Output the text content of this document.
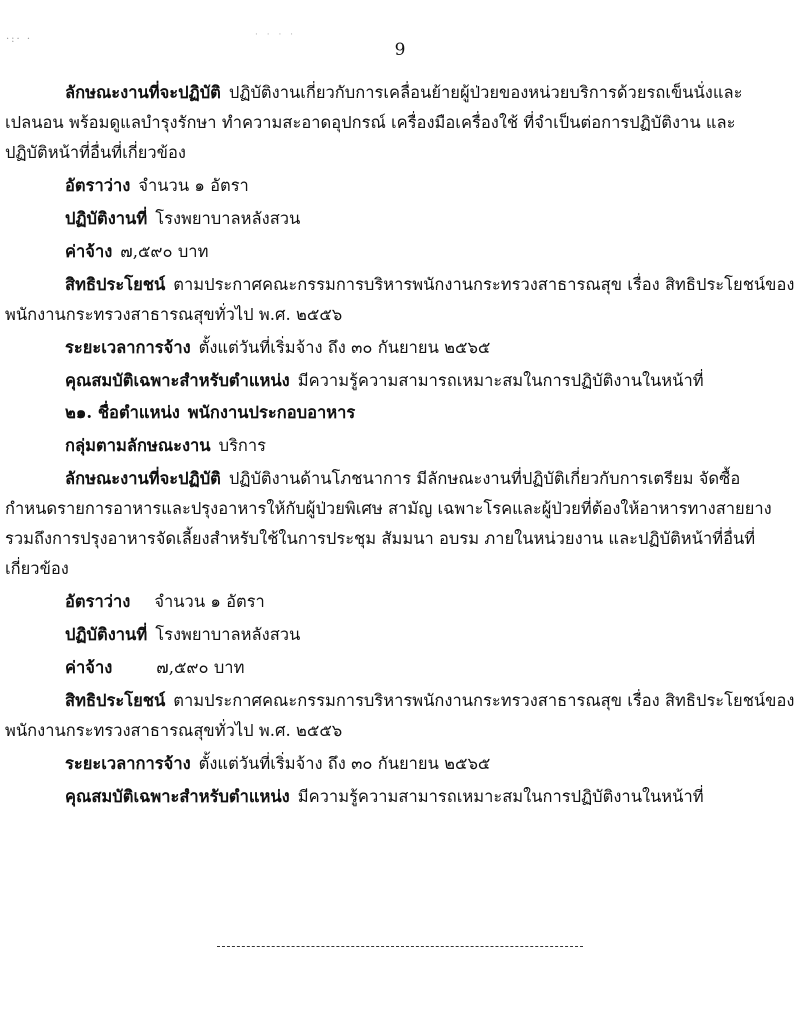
·:· ·	· · · ·
9
ลักษณะงานที่จะปฏิบัติ ปฏิบัติงานเกี่ยวกับการเคลื่อนย้ายผู้ป่วยของหน่วยบริการด้วยรถเข็นนั่งและ
เปลนอน พร้อมดูแลบำรุงรักษา ทำความสะอาดอุปกรณ์ เครื่องมือเครื่องใช้ ที่จำเป็นต่อการปฏิบัติงาน และ
ปฏิบัติหน้าที่อื่นที่เกี่ยวข้อง
อัตราว่าง จำนวน ๑ อัตรา
ปฏิบัติงานที่ โรงพยาบาลหลังสวน
ค่าจ้าง ๗,๕๙๐ บาท
สิทธิประโยชน์ ตามประกาศคณะกรรมการบริหารพนักงานกระทรวงสาธารณสุข เรื่อง สิทธิประโยชน์ของ
พนักงานกระทรวงสาธารณสุขทั่วไป พ.ศ. ๒๕๕๖
ระยะเวลาการจ้าง ตั้งแต่วันที่เริ่มจ้าง ถึง ๓๐ กันยายน ๒๕๖๕
คุณสมบัติเฉพาะสำหรับตำแหน่ง มีความรู้ความสามารถเหมาะสมในการปฏิบัติงานในหน้าที่
๒๑. ชื่อตำแหน่ง พนักงานประกอบอาหาร
กลุ่มตามลักษณะงาน บริการ
ลักษณะงานที่จะปฏิบัติ ปฏิบัติงานด้านโภชนาการ มีลักษณะงานที่ปฏิบัติเกี่ยวกับการเตรียม จัดซื้อ
กำหนดรายการอาหารและปรุงอาหารให้กับผู้ป่วยพิเศษ สามัญ เฉพาะโรคและผู้ป่วยที่ต้องให้อาหารทางสายยาง
รวมถึงการปรุงอาหารจัดเลี้ยงสำหรับใช้ในการประชุม สัมมนา อบรม ภายในหน่วยงาน และปฏิบัติหน้าที่อื่นที่
เกี่ยวข้อง
อัตราว่าง จำนวน ๑ อัตรา
ปฏิบัติงานที่ โรงพยาบาลหลังสวน
ค่าจ้าง	๗,๕๙๐ บาท
สิทธิประโยชน์ ตามประกาศคณะกรรมการบริหารพนักงานกระทรวงสาธารณสุข เรื่อง สิทธิประโยชน์ของ
พนักงานกระทรวงสาธารณสุขทั่วไป พ.ศ. ๒๕๕๖
ระยะเวลาการจ้าง ตั้งแต่วันที่เริ่มจ้าง ถึง ๓๐ กันยายน ๒๕๖๕
คุณสมบัติเฉพาะสำหรับตำแหน่ง มีความรู้ความสามารถเหมาะสมในการปฏิบัติงานในหน้าที่
